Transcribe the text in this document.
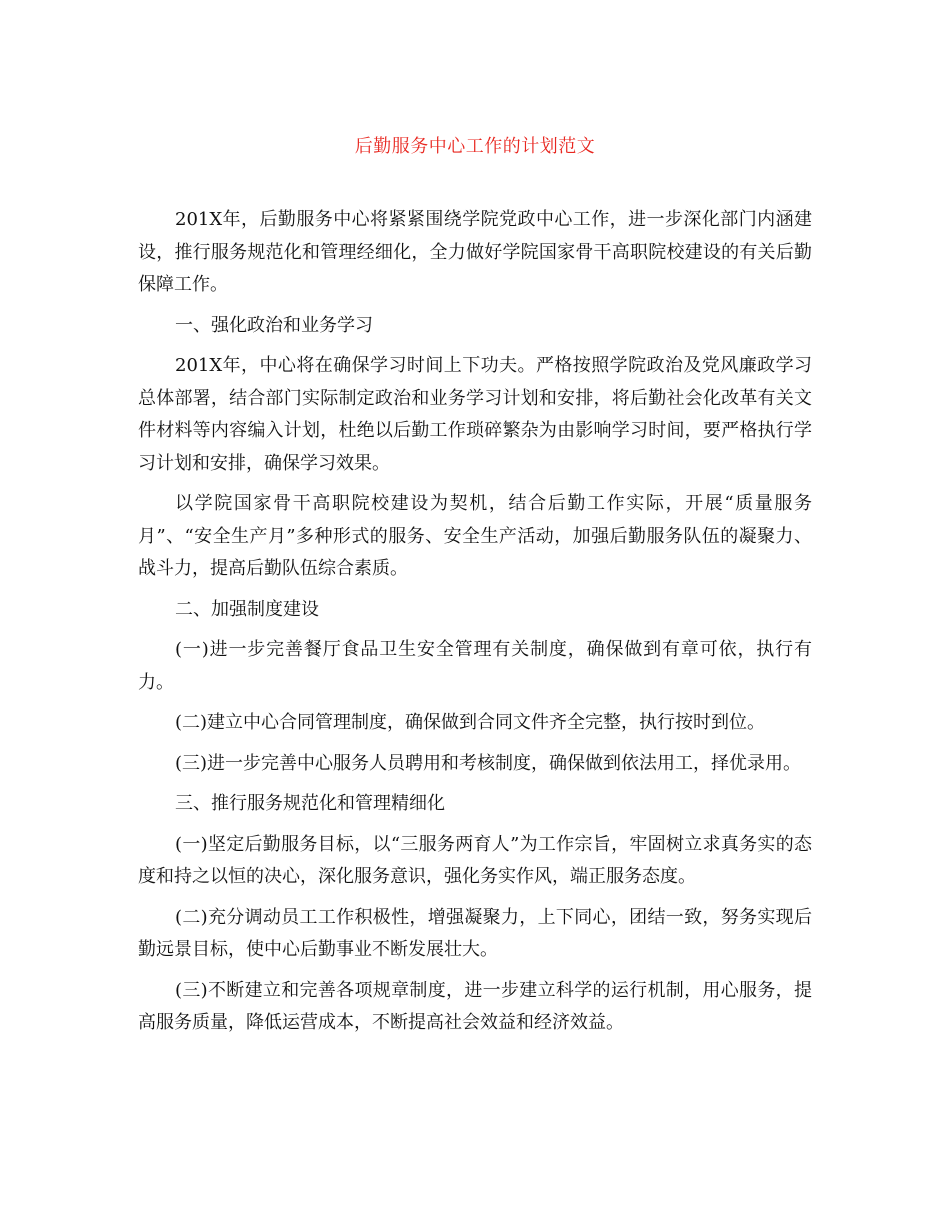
后勤服务中心工作的计划范文

201X年，后勤服务中心将紧紧围绕学院党政中心工作，进一步深化部门内涵建设，推行服务规范化和管理经细化，全力做好学院国家骨干高职院校建设的有关后勤保障工作。

一、强化政治和业务学习

201X年，中心将在确保学习时间上下功夫。严格按照学院政治及党风廉政学习总体部署，结合部门实际制定政治和业务学习计划和安排，将后勤社会化改革有关文件材料等内容编入计划，杜绝以后勤工作琐碎繁杂为由影响学习时间，要严格执行学习计划和安排，确保学习效果。

以学院国家骨干高职院校建设为契机，结合后勤工作实际，开展“质量服务月”、“安全生产月”多种形式的服务、安全生产活动，加强后勤服务队伍的凝聚力、战斗力，提高后勤队伍综合素质。

二、加强制度建设

(一)进一步完善餐厅食品卫生安全管理有关制度，确保做到有章可依，执行有力。

(二)建立中心合同管理制度，确保做到合同文件齐全完整，执行按时到位。

(三)进一步完善中心服务人员聘用和考核制度，确保做到依法用工，择优录用。

三、推行服务规范化和管理精细化

(一)坚定后勤服务目标，以“三服务两育人”为工作宗旨，牢固树立求真务实的态度和持之以恒的决心，深化服务意识，强化务实作风，端正服务态度。

(二)充分调动员工工作积极性，增强凝聚力，上下同心，团结一致，努务实现后勤远景目标，使中心后勤事业不断发展壮大。

(三)不断建立和完善各项规章制度，进一步建立科学的运行机制，用心服务，提高服务质量，降低运营成本，不断提高社会效益和经济效益。
